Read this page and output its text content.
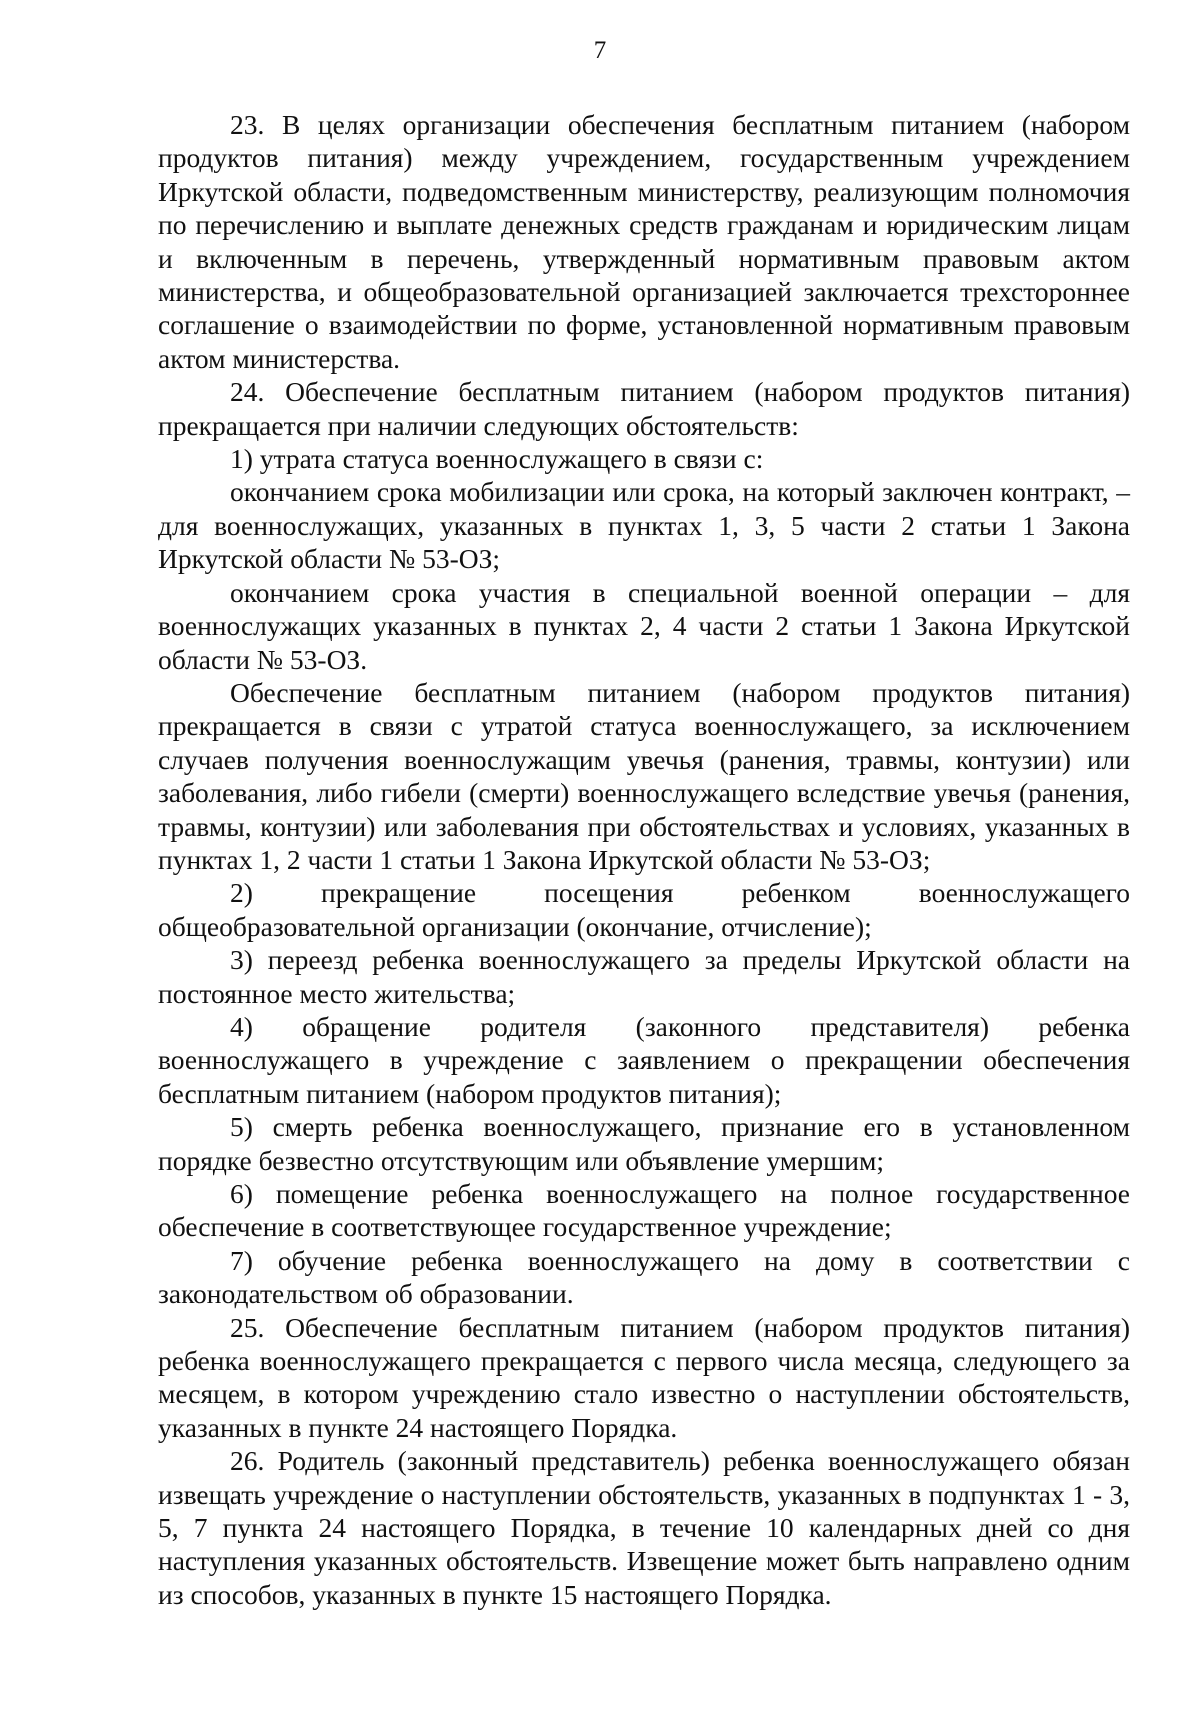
7

23. В целях организации обеспечения бесплатным питанием (набором продуктов питания) между учреждением, государственным учреждением Иркутской области, подведомственным министерству, реализующим полномочия по перечислению и выплате денежных средств гражданам и юридическим лицам и включенным в перечень, утвержденный нормативным правовым актом министерства, и общеобразовательной организацией заключается трехстороннее соглашение о взаимодействии по форме, установленной нормативным правовым актом министерства.

24. Обеспечение бесплатным питанием (набором продуктов питания) прекращается при наличии следующих обстоятельств:

1) утрата статуса военнослужащего в связи с:

окончанием срока мобилизации или срока, на который заключен контракт, – для военнослужащих, указанных в пунктах 1, 3, 5 части 2 статьи 1 Закона Иркутской области № 53-ОЗ;

окончанием срока участия в специальной военной операции – для военнослужащих указанных в пунктах 2, 4 части 2 статьи 1 Закона Иркутской области № 53-ОЗ.

Обеспечение бесплатным питанием (набором продуктов питания) прекращается в связи с утратой статуса военнослужащего, за исключением случаев получения военнослужащим увечья (ранения, травмы, контузии) или заболевания, либо гибели (смерти) военнослужащего вследствие увечья (ранения, травмы, контузии) или заболевания при обстоятельствах и условиях, указанных в пунктах 1, 2 части 1 статьи 1 Закона Иркутской области № 53-ОЗ;

2) прекращение посещения ребенком военнослужащего общеобразовательной организации (окончание, отчисление);

3) переезд ребенка военнослужащего за пределы Иркутской области на постоянное место жительства;

4) обращение родителя (законного представителя) ребенка военнослужащего в учреждение с заявлением о прекращении обеспечения бесплатным питанием (набором продуктов питания);

5) смерть ребенка военнослужащего, признание его в установленном порядке безвестно отсутствующим или объявление умершим;

6) помещение ребенка военнослужащего на полное государственное обеспечение в соответствующее государственное учреждение;

7) обучение ребенка военнослужащего на дому в соответствии с законодательством об образовании.

25. Обеспечение бесплатным питанием (набором продуктов питания) ребенка военнослужащего прекращается с первого числа месяца, следующего за месяцем, в котором учреждению стало известно о наступлении обстоятельств, указанных в пункте 24 настоящего Порядка.

26. Родитель (законный представитель) ребенка военнослужащего обязан извещать учреждение о наступлении обстоятельств, указанных в подпунктах 1 - 3, 5, 7 пункта 24 настоящего Порядка, в течение 10 календарных дней со дня наступления указанных обстоятельств. Извещение может быть направлено одним из способов, указанных в пункте 15 настоящего Порядка.
